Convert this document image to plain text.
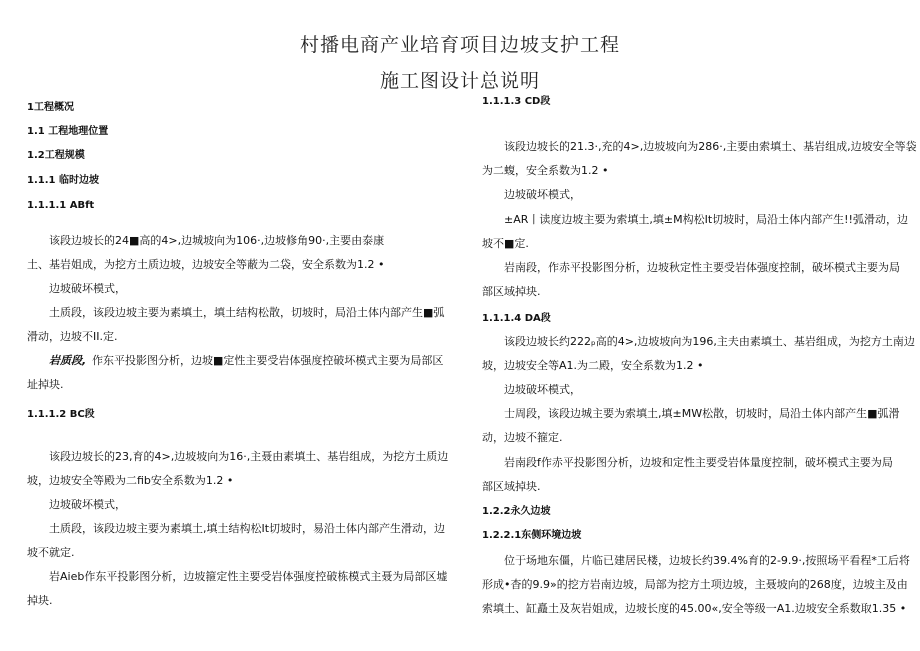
村播电商产业培育项目边坡支护工程
施工图设计总说明
1工程概况
1.1 工程地理位置
1.2工程规模
1.1.1 临时边坡
1.1.1.1 ABft
该段边坡长的24■高的4>,边城坡向为106·,边坡修角90·,主要由泰康
土、基岩姐成，为挖方土质边坡，边坡安全等蔽为二袋，安全系数为1.2 •
边坡破坏模式，
土质段，该段边坡主要为素填土，填土结构松散，切坡时，局沿土体内部产生■弧
滑动，边坡不II.定.
岩质段, 作东平投影图分析，边坡■定性主要受岩体强度控破坏模式主要为局部区
址掉块.
1.1.1.2 BC段
该段边坡长的23,育的4>,边坡坡向为16·,主聂由素填土、基岩组成，为挖方土质边
坡，边坡安全等殿为二fib安全系数为1.2 •
边坡破坏模式，
土质段，该段边坡主要为素填土,填土结构松It切坡时，易沿土体内部产生滑动，边
坡不就定.
岩Aieb作东平投影图分析，边坡箍定性主要受岩体强度控破栋模式主聂为局部区墟
掉块.
1.1.1.3 CD段
该段边坡长的21.3·,充的4>,边坡坡向为286·,主要由索填土、基岩组成,边坡安全等袋
为二蝮，安全系数为1.2 •
边坡破坏模式，
±AR丨读度边坡主要为索填土,填±M构松It切坡时，局沿土体内部产生!!弧滑动，边
坡不■定.
岩南段，作赤平投影图分析，边坡秋定性主要受岩体强度控制，破坏模式主要为局
部区域掉块.
1.1.1.4 DA段
该段边坡长约222ₚ高的4>,边坡坡向为196,主夫由素填土、基岩组成，为挖方土南边
坡，边坡安全等A1.为二殿，安全系数为1.2 •
边坡破坏模式，
士周段，该段边城主要为索填土,填±MW松散，切坡时，局沿土体内部产生■弧滑
动，边坡不箍定.
岩南段f作赤平投影图分析，边坡和定性主要受岩体量度控制，破坏模式主要为局
部区域掉块.
1.2.2永久边坡
1.2.2.1东侧环境边坡
位于场地东僵，片临已建居民楼，边坡长约39.4%育的2-9.9·,按照场平看程*工后将
形成•杳的9.9»的挖方岩南边坡，局部为挖方土项边坡，主聂坡向的268度，边坡主及由
索填土、缸矗土及灰岩姐成，边坡长度的45.00«,安全等级一A1.边坡安全系数取1.35 •
